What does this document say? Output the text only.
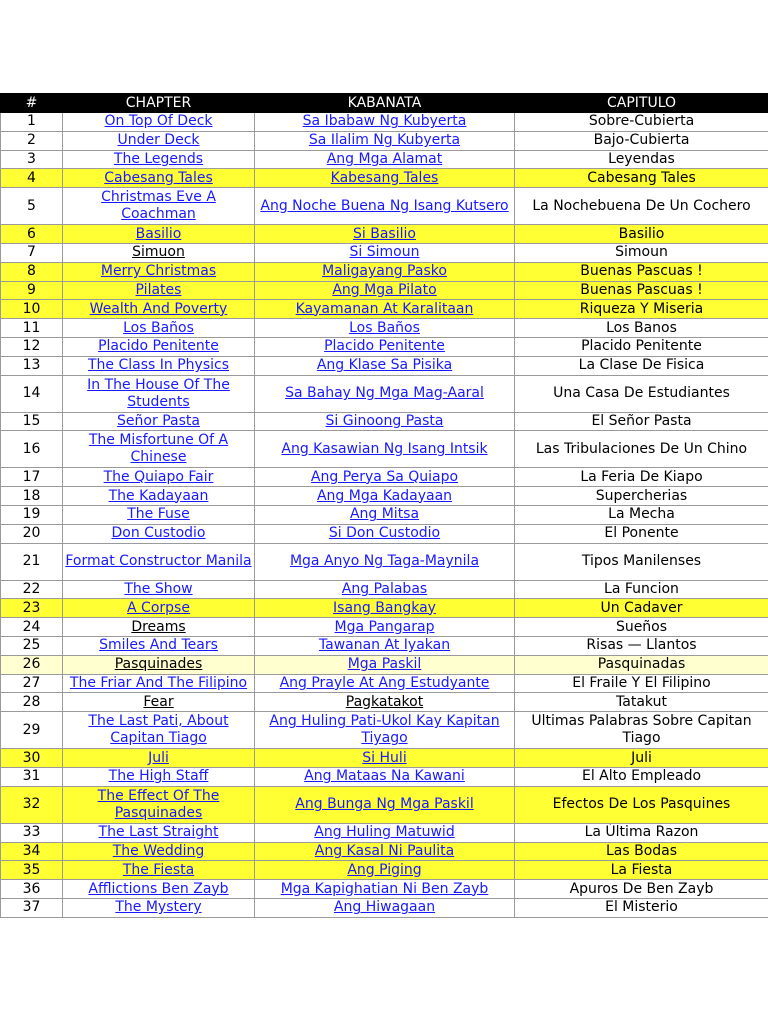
#	CHAPTER	KABANATA	CAPITULO
1	On Top Of Deck	Sa Ibabaw Ng Kubyerta	Sobre-Cubierta
2	Under Deck	Sa Ilalim Ng Kubyerta	Bajo-Cubierta
3	The Legends	Ang Mga Alamat	Leyendas
4	Cabesang Tales	Kabesang Tales	Cabesang Tales
5	Christmas Eve A Coachman	Ang Noche Buena Ng Isang Kutsero	La Nochebuena De Un Cochero
6	Basilio	Si Basilio	Basilio
7	Simuon	Si Simoun	Simoun
8	Merry Christmas	Maligayang Pasko	Buenas Pascuas !
9	Pilates	Ang Mga Pilato	Buenas Pascuas !
10	Wealth And Poverty	Kayamanan At Karalitaan	Riqueza Y Miseria
11	Los Baños	Los Baños	Los Banos
12	Placido Penitente	Placido Penitente	Placido Penitente
13	The Class In Physics	Ang Klase Sa Pisika	La Clase De Fisica
14	In The House Of The Students	Sa Bahay Ng Mga Mag-Aaral	Una Casa De Estudiantes
15	Señor Pasta	Si Ginoong Pasta	El Señor Pasta
16	The Misfortune Of A Chinese	Ang Kasawian Ng Isang Intsik	Las Tribulaciones De Un Chino
17	The Quiapo Fair	Ang Perya Sa Quiapo	La Feria De Kiapo
18	The Kadayaan	Ang Mga Kadayaan	Supercherias
19	The Fuse	Ang Mitsa	La Mecha
20	Don Custodio	Si Don Custodio	El Ponente
21	Format Constructor Manila	Mga Anyo Ng Taga-Maynila	Tipos Manilenses
22	The Show	Ang Palabas	La Funcion
23	A Corpse	Isang Bangkay	Un Cadaver
24	Dreams	Mga Pangarap	Sueños
25	Smiles And Tears	Tawanan At Iyakan	Risas — Llantos
26	Pasquinades	Mga Paskil	Pasquinadas
27	The Friar And The Filipino	Ang Prayle At Ang Estudyante	El Fraile Y El Filipino
28	Fear	Pagkatakot	Tatakut
29	The Last Pati, About Capitan Tiago	Ang Huling Pati-Ukol Kay Kapitan Tiyago	Ultimas Palabras Sobre Capitan Tiago
30	Juli	Si Huli	Juli
31	The High Staff	Ang Mataas Na Kawani	El Alto Empleado
32	The Effect Of The Pasquinades	Ang Bunga Ng Mga Paskil	Efectos De Los Pasquines
33	The Last Straight	Ang Huling Matuwid	La Última Razon
34	The Wedding	Ang Kasal Ni Paulita	Las Bodas
35	The Fiesta	Ang Piging	La Fiesta
36	Afflictions Ben Zayb	Mga Kapighatian Ni Ben Zayb	Apuros De Ben Zayb
37	The Mystery	Ang Hiwagaan	El Misterio
